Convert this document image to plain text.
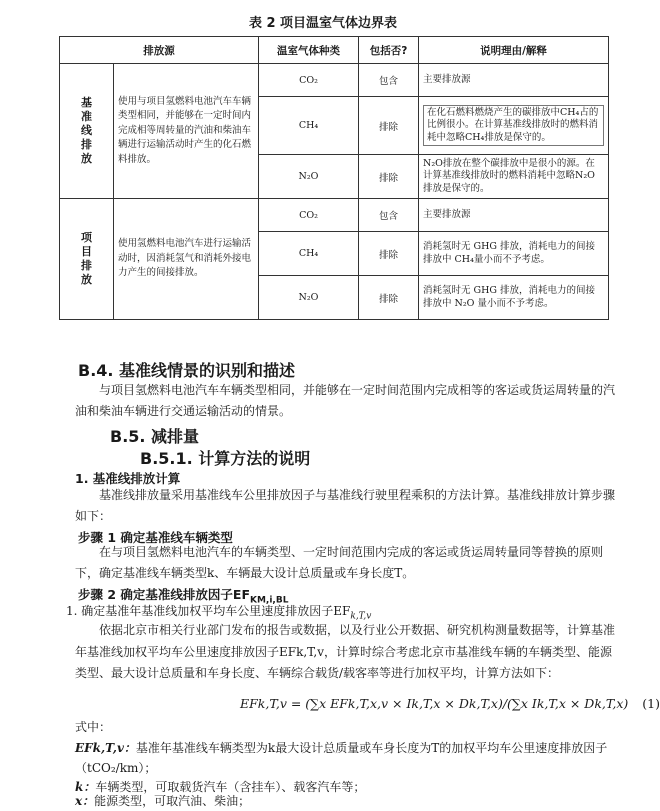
表 2 项目温室气体边界表
排放源		温室气体种类	包括否?	说明理由/解释

基准线排放	使用与项目氢燃料电池汽车车辆类型相同，并能够在一定时间内完成相等周转量的汽油和柴油车辆进行运输活动时产生的化石燃料排放。	CO₂	包含	主要排放源
		CH₄	排除	在化石燃料燃烧产生的碳排放中CH₄占的比例很小。在计算基准线排放时的燃料消耗中忽略CH₄排放是保守的。

		N₂O	排除	N₂O排放在整个碳排放中是很小的源。在计算基准线排放时的燃料消耗中忽略N₂O排放是保守的。

项目排放	使用氢燃料电池汽车进行运输活动时，因消耗氢气和消耗外接电力产生的间接排放。	CO₂	包含	主要排放源
		CH₄	排除	消耗氢时无 GHG 排放，消耗电力的间接排放中 CH₄量小而不予考虑。
		N₂O	排除	消耗氢时无 GHG 排放，消耗电力的间接排放中 N₂O 量小而不予考虑。
B.4. 基准线情景的识别和描述
与项目氢燃料电池汽车车辆类型相同，并能够在一定时间范围内完成相等的客运或货运周转量的汽油和柴油车辆进行交通运输活动的情景。
B.5. 减排量
B.5.1. 计算方法的说明
1. 基准线排放计算
基准线排放量采用基准线车公里排放因子与基准线行驶里程乘积的方法计算。基准线排放计算步骤如下：
步骤 1 确定基准线车辆类型
在与项目氢燃料电池汽车的车辆类型、一定时间范围内完成的客运或货运周转量同等替换的原则下，确定基准线车辆类型k、车辆最大设计总质量或车身长度T。
步骤 2 确定基准线排放因子$EF_{KM,i,BL}$
1. 确定基准年基准线加权平均车公里速度排放因子$EF_{k,T,v}$
依据北京市相关行业部门发布的报告或数据，以及行业公开数据、研究机构测量数据等，计算基准年基准线加权平均车公里速度排放因子EFk,T,v，计算时综合考虑北京市基准线车辆的车辆类型、能源类型、最大设计总质量和车身长度、车辆综合载货/载客率等进行加权平均，计算方法如下：
EFk,T,v = (∑x EFk,T,x,v × Ik,T,x × Dk,T,x)/(∑x Ik,T,x × Dk,T,x) (1)
式中：
EFk,T,v：基准年基准线车辆类型为k最大设计总质量或车身长度为T的加权平均车公里速度排放因子（tCO₂/km）；
k：车辆类型，可取载货汽车（含挂车）、载客汽车等；
x：能源类型，可取汽油、柴油；
